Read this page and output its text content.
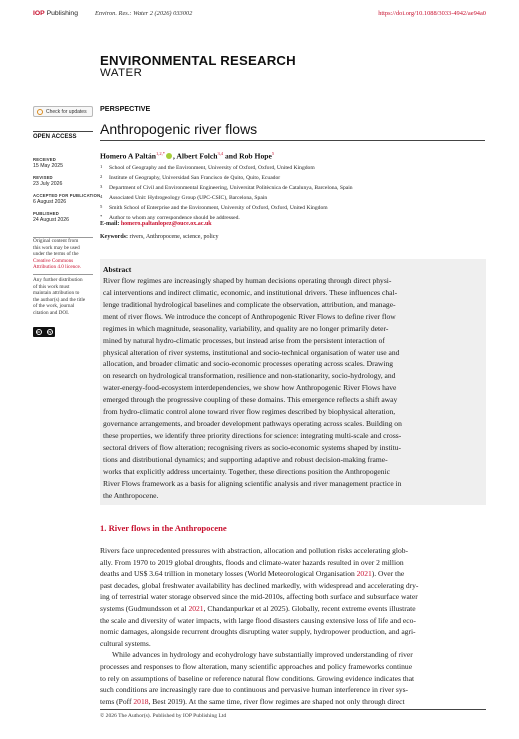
IOP Publishing	Environ. Res.: Water 2 (2026) 033002	https://doi.org/10.1088/3033-4942/ae94a0
ENVIRONMENTAL RESEARCH
WATER
Check for updates
OPEN ACCESS
RECEIVED
15 May 2025
REVISED
23 July 2026
ACCEPTED FOR PUBLICATION
6 August 2026
PUBLISHED
24 August 2026
Original content from
this work may be used
under the terms of the
Creative Commons
Attribution 4.0 licence.
Any further distribution
of this work must
maintain attribution to
the author(s) and the title
of the work, journal
citation and DOI.
cc	by
PERSPECTIVE
Anthropogenic river flows
Homero A Paltán$^{1,2,*}$ , Albert Folch$^{3,4}$ and Rob Hope$^5$
1 School of Geography and the Environment, University of Oxford, Oxford, United Kingdom
2 Institute of Geography, Universidad San Francisco de Quito, Quito, Ecuador
3 Department of Civil and Environmental Engineering, Universitat Politècnica de Catalunya, Barcelona, Spain
4 Associated Unit: Hydrogeology Group (UPC-CSIC), Barcelona, Spain
5 Smith School of Enterprise and the Environment, University of Oxford, Oxford, United Kingdom
* Author to whom any correspondence should be addressed.
E-mail: homero.paltanlopez@ouce.ox.ac.uk
Keywords: rivers, Anthropocene, science, policy
Abstract
River flow regimes are increasingly shaped by human decisions operating through direct physi-
cal interventions and indirect climatic, economic, and institutional drivers. These influences chal-
lenge traditional hydrological baselines and complicate the observation, attribution, and manage-
ment of river flows. We introduce the concept of Anthropogenic River Flows to define river flow
regimes in which magnitude, seasonality, variability, and quality are no longer primarily deter-
mined by natural hydro-climatic processes, but instead arise from the persistent interaction of
physical alteration of river systems, institutional and socio-technical organisation of water use and
allocation, and broader climatic and socio-economic processes operating across scales. Drawing
on research on hydrological transformation, resilience and non-stationarity, socio-hydrology, and
water-energy-food-ecosystem interdependencies, we show how Anthropogenic River Flows have
emerged through the progressive coupling of these domains. This emergence reflects a shift away
from hydro-climatic control alone toward river flow regimes described by biophysical alteration,
governance arrangements, and broader development pathways operating across scales. Building on
these properties, we identify three priority directions for science: integrating multi-scale and cross-
sectoral drivers of flow alteration; recognising rivers as socio-economic systems shaped by institu-
tions and distributional dynamics; and supporting adaptive and robust decision-making frame-
works that explicitly address uncertainty. Together, these directions position the Anthropogenic
River Flows framework as a basis for aligning scientific analysis and river management practice in
the Anthropocene.
1. River flows in the Anthropocene
Rivers face unprecedented pressures with abstraction, allocation and pollution risks accelerating glob-
ally. From 1970 to 2019 global droughts, floods and climate-water hazards resulted in over 2 million
deaths and US$ 3.64 trillion in monetary losses (World Meteorological Organisation 2021). Over the
past decades, global freshwater availability has declined markedly, with widespread and accelerating dry-
ing of terrestrial water storage observed since the mid-2010s, affecting both surface and subsurface water
systems (Gudmundsson et al 2021, Chandanpurkar et al 2025). Globally, recent extreme events illustrate
the scale and diversity of water impacts, with large flood disasters causing extensive loss of life and eco-
nomic damages, alongside recurrent droughts disrupting water supply, hydropower production, and agri-
cultural systems.
While advances in hydrology and ecohydrology have substantially improved understanding of river
processes and responses to flow alteration, many scientific approaches and policy frameworks continue
to rely on assumptions of baseline or reference natural flow conditions. Growing evidence indicates that
such conditions are increasingly rare due to continuous and pervasive human interference in river sys-
tems (Poff 2018, Best 2019). At the same time, river flow regimes are shaped not only through direct
© 2026 The Author(s). Published by IOP Publishing Ltd
